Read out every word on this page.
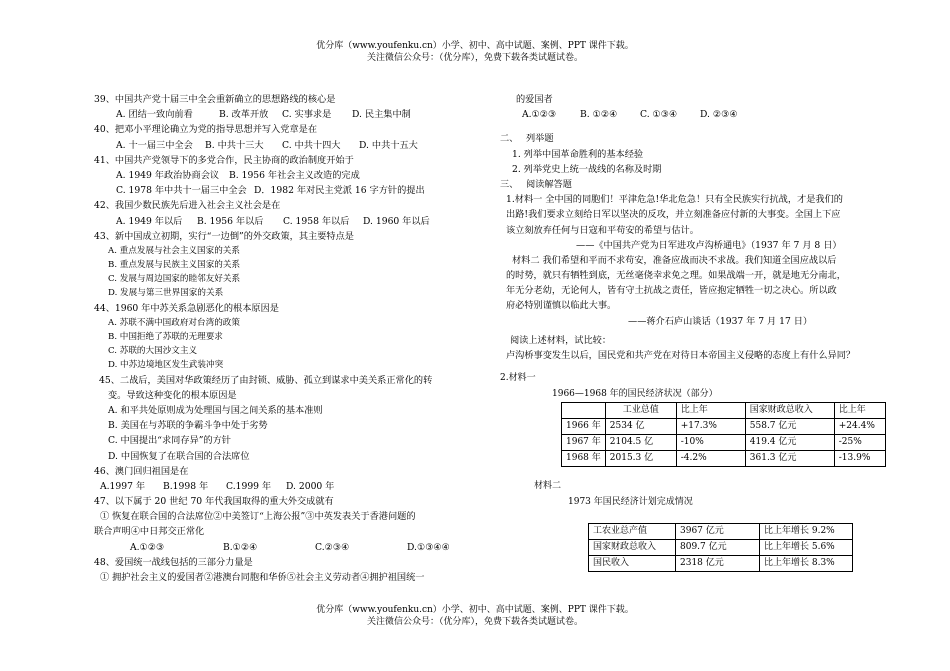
优分库（www.youfenku.cn）小学、初中、高中试题、案例、PPT 课件下载。
关注微信公众号：（优分库），免费下载各类试题试卷。
39、中国共产党十届三中全会重新确立的思想路线的核心是
A. 团结一致向前看	B. 改革开放 C. 实事求是 D. 民主集中制
40、把邓小平理论确立为党的指导思想并写入党章是在
A. 十一届三中全会 B. 中共十三大 C. 中共十四大 D. 中共十五大
41、中国共产党领导下的多党合作，民主协商的政治制度开始于
A. 1949 年政治协商会议 B. 1956 年社会主义改造的完成
C. 1978 年中共十一届三中全会 D．1982 年对民主党派 16 字方针的提出
42、我国少数民族先后进入社会主义社会是在
A. 1949 年以后 B. 1956 年以后 C. 1958 年以后 D. 1960 年以后
43、新中国成立初期，实行“一边倒”的外交政策，其主要特点是
A. 重点发展与社会主义国家的关系
B. 重点发展与民族主义国家的关系
C. 发展与周边国家的睦邻友好关系
D. 发展与第三世界国家的关系
44、1960 年中苏关系急剧恶化的根本原因是
A. 苏联不满中国政府对台湾的政策
B. 中国拒绝了苏联的无理要求
C. 苏联的大国沙文主义
D. 中苏边境地区发生武装冲突
45、二战后，美国对华政策经历了由封锁、威胁、孤立到谋求中美关系正常化的转
变。导致这种变化的根本原因是
A. 和平共处原则成为处理国与国之间关系的基本准则
B. 美国在与苏联的争霸斗争中处于劣势
C. 中国提出“求同存异”的方针
D. 中国恢复了在联合国的合法席位
46、澳门回归祖国是在
A.1997 年 B.1998 年 C.1999 年 D. 2000 年
47、以下属于 20 世纪 70 年代我国取得的重大外交成就有
① 恢复在联合国的合法席位②中美签订“上海公报”③中英发表关于香港问题的
联合声明④中日邦交正常化
A.①②③	B.①②④	C.②③④	D.①③④④
48、爱国统一战线包括的三部分力量是
① 拥护社会主义的爱国者②港澳台同胞和华侨⑤社会主义劳动者④拥护祖国统一
的爱国者
A.①②③	B. ①②④ C. ①③④ D. ②③④
二、 列举题
1. 列举中国革命胜利的基本经验
2. 列举党史上统一战线的名称及时期
三、 阅读解答题
1.材料一 全中国的同胞们！平津危急!华北危急！只有全民族实行抗战，才是我们的
出路!我们要求立刻给日军以坚决的反攻，并立刻准备应付新的大事变。全国上下应
该立刻放弃任何与日寇和平苟安的希望与估计。
——《中国共产党为日军进攻卢沟桥通电》（1937 年 7 月 8 日）
材料二 我们希望和平而不求苟安，准备应战而决不求战。我们知道全国应战以后
的时势，就只有牺牲到底，无丝毫侥幸求免之理。如果战端一开，就是地无分南北，
年无分老幼，无论何人，皆有守土抗战之责任，皆应抱定牺牲一切之决心。所以政
府必特别谨慎以临此大事。
——蒋介石庐山谈话（1937 年 7 月 17 日）
阅读上述材料，试比较：
卢沟桥事变发生以后，国民党和共产党在对待日本帝国主义侵略的态度上有什么异同？
2.材料一
1966—1968 年的国民经济状况（部分）
	工业总值	比上年	国家财政总收入	比上年
1966 年	2534 亿	+17.3%	558.7 亿元	+24.4%
1967 年	2104.5 亿	-10%	419.4 亿元	-25%
1968 年	2015.3 亿	-4.2%	361.3 亿元	-13.9%
材料二
1973 年国民经济计划完成情况
工农业总产值	3967 亿元	比上年增长 9.2%
国家财政总收入	809.7 亿元	比上年增长 5.6%
国民收入	2318 亿元	比上年增长 8.3%
优分库（www.youfenku.cn）小学、初中、高中试题、案例、PPT 课件下载。
关注微信公众号：（优分库），免费下载各类试题试卷。
